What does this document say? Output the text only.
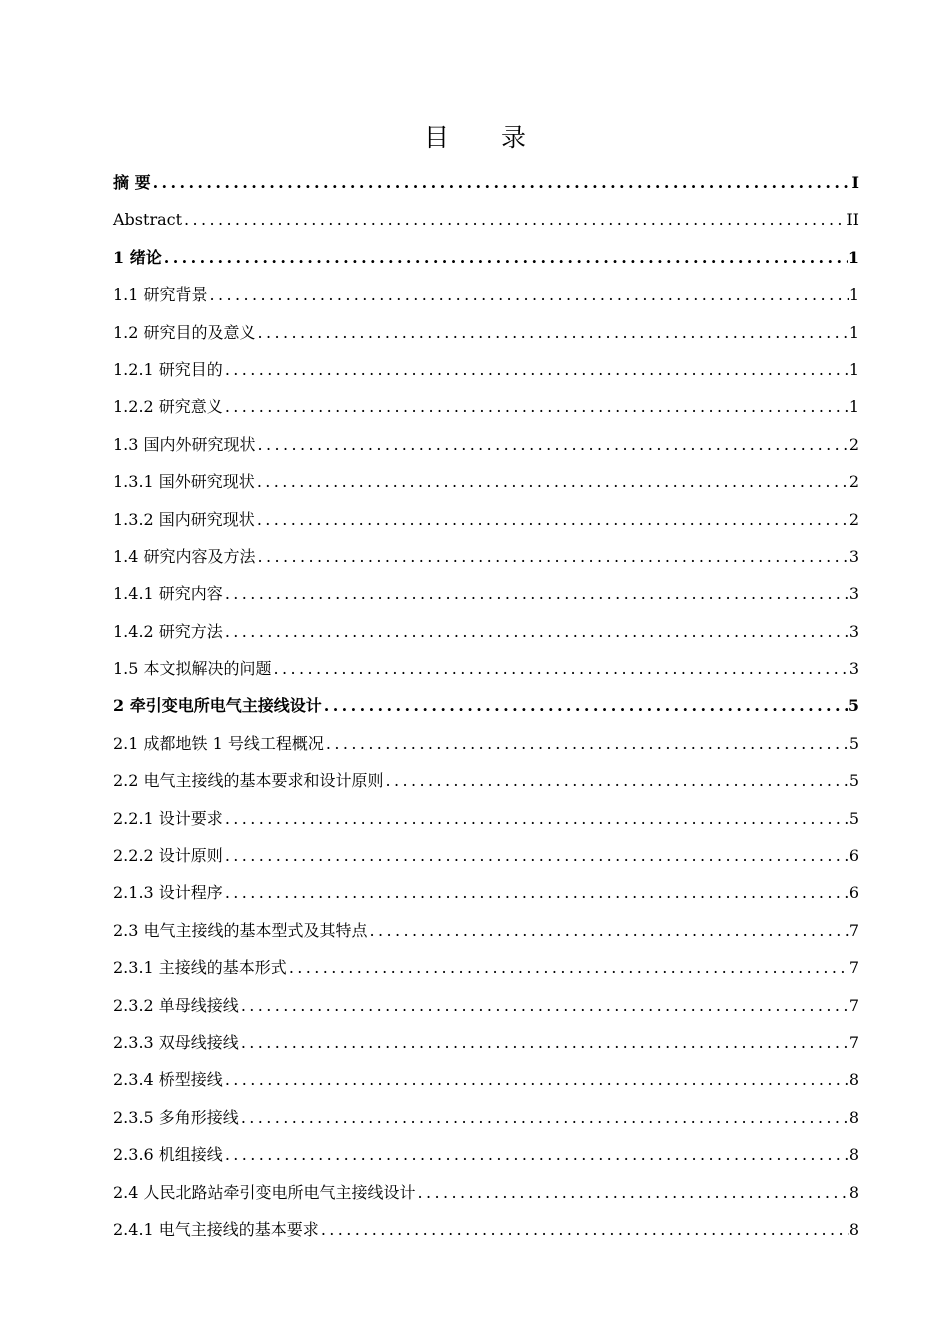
目 录
摘 要 .....	I
Abstract .....	II
1 绪论 .....	1
1.1 研究背景 .....	1
1.2 研究目的及意义 .....	1
1.2.1 研究目的 .....	1
1.2.2 研究意义 .....	1
1.3 国内外研究现状 .....	2
1.3.1 国外研究现状 .....	2
1.3.2 国内研究现状 .....	2
1.4 研究内容及方法 .....	3
1.4.1 研究内容 .....	3
1.4.2 研究方法 .....	3
1.5 本文拟解决的问题 .....	3
2 牵引变电所电气主接线设计 .....	5
2.1 成都地铁 1 号线工程概况 .....	5
2.2 电气主接线的基本要求和设计原则 .....	5
2.2.1 设计要求 .....	5
2.2.2 设计原则 .....	6
2.1.3 设计程序 .....	6
2.3 电气主接线的基本型式及其特点 .....	7
2.3.1 主接线的基本形式 .....	7
2.3.2 单母线接线 .....	7
2.3.3 双母线接线 .....	7
2.3.4 桥型接线 .....	8
2.3.5 多角形接线 .....	8
2.3.6 机组接线 .....	8
2.4 人民北路站牵引变电所电气主接线设计 .....	8
2.4.1 电气主接线的基本要求 .....	8
